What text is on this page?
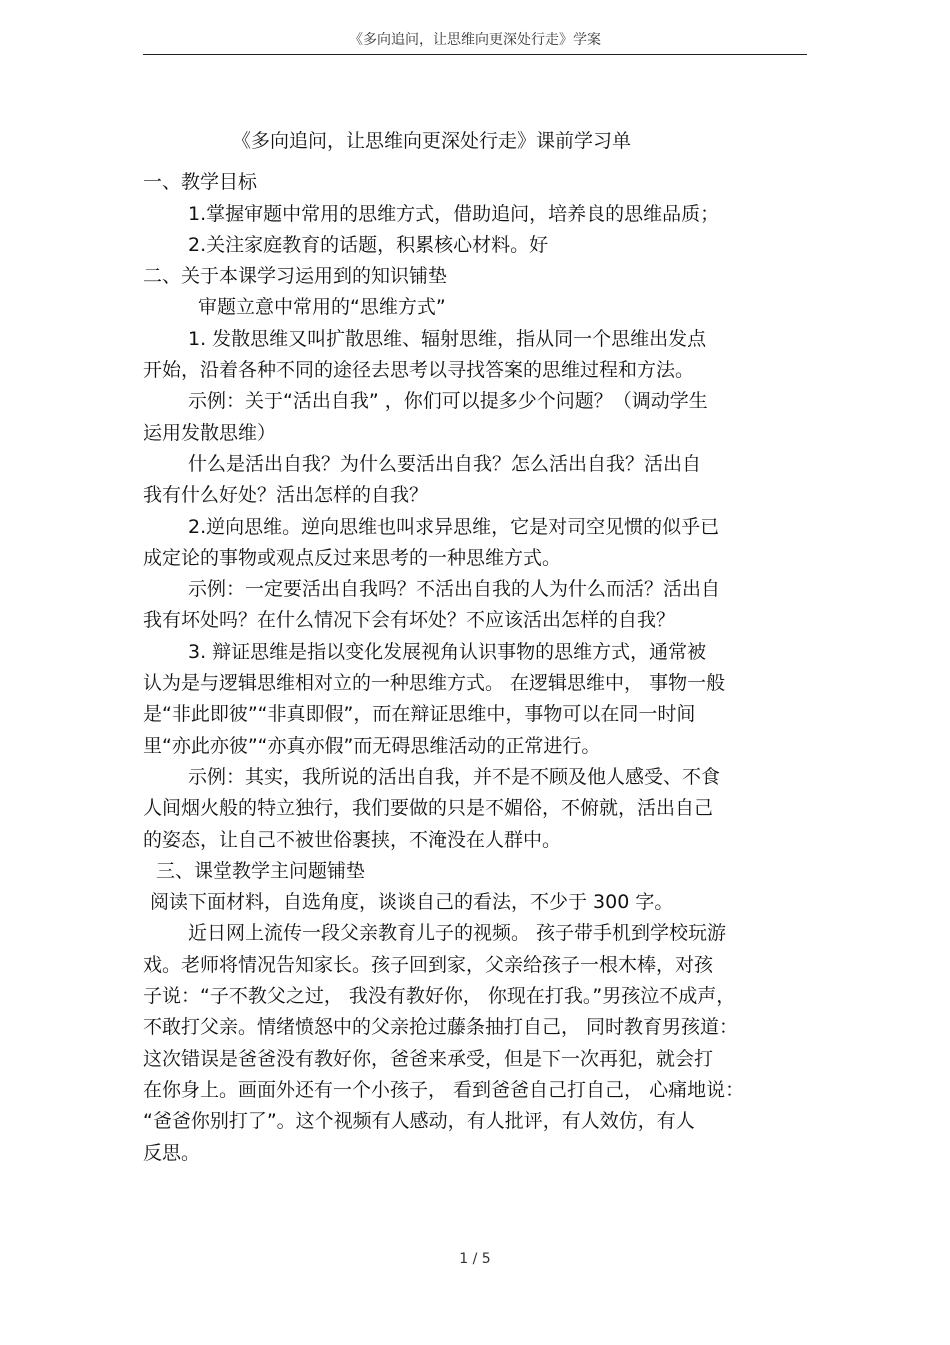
《多向追问，让思维向更深处行走》学案

《多向追问，让思维向更深处行走》课前学习单

一、教学目标

1.掌握审题中常用的思维方式，借助追问，培养良的思维品质；

2.关注家庭教育的话题，积累核心材料。好

二、关于本课学习运用到的知识铺垫

审题立意中常用的“思维方式”

1. 发散思维又叫扩散思维、辐射思维，指从同一个思维出发点

开始，沿着各种不同的途径去思考以寻找答案的思维过程和方法。

示例：关于“活出自我” ，你们可以提多少个问题？（调动学生

运用发散思维）

什么是活出自我？为什么要活出自我？怎么活出自我？活出自

我有什么好处？活出怎样的自我？

2.逆向思维。逆向思维也叫求异思维，它是对司空见惯的似乎已

成定论的事物或观点反过来思考的一种思维方式。

示例：一定要活出自我吗？不活出自我的人为什么而活？活出自

我有坏处吗？在什么情况下会有坏处？不应该活出怎样的自我？

3. 辩证思维是指以变化发展视角认识事物的思维方式，通常被

认为是与逻辑思维相对立的一种思维方式。 在逻辑思维中， 事物一般

是“非此即彼”“非真即假”，而在辩证思维中，事物可以在同一时间

里“亦此亦彼”“亦真亦假”而无碍思维活动的正常进行。

示例：其实，我所说的活出自我，并不是不顾及他人感受、不食

人间烟火般的特立独行，我们要做的只是不媚俗，不俯就，活出自己

的姿态，让自己不被世俗裹挟，不淹没在人群中。

三、课堂教学主问题铺垫

阅读下面材料，自选角度，谈谈自己的看法，不少于 300 字。

近日网上流传一段父亲教育儿子的视频。 孩子带手机到学校玩游

戏。老师将情况告知家长。孩子回到家，父亲给孩子一根木棒，对孩

子说：“子不教父之过， 我没有教好你， 你现在打我。”男孩泣不成声，

不敢打父亲。情绪愤怒中的父亲抢过藤条抽打自己， 同时教育男孩道：

这次错误是爸爸没有教好你，爸爸来承受，但是下一次再犯，就会打

在你身上。画面外还有一个小孩子， 看到爸爸自己打自己， 心痛地说：

“爸爸你别打了”。这个视频有人感动，有人批评，有人效仿，有人

反思。

1 / 5
